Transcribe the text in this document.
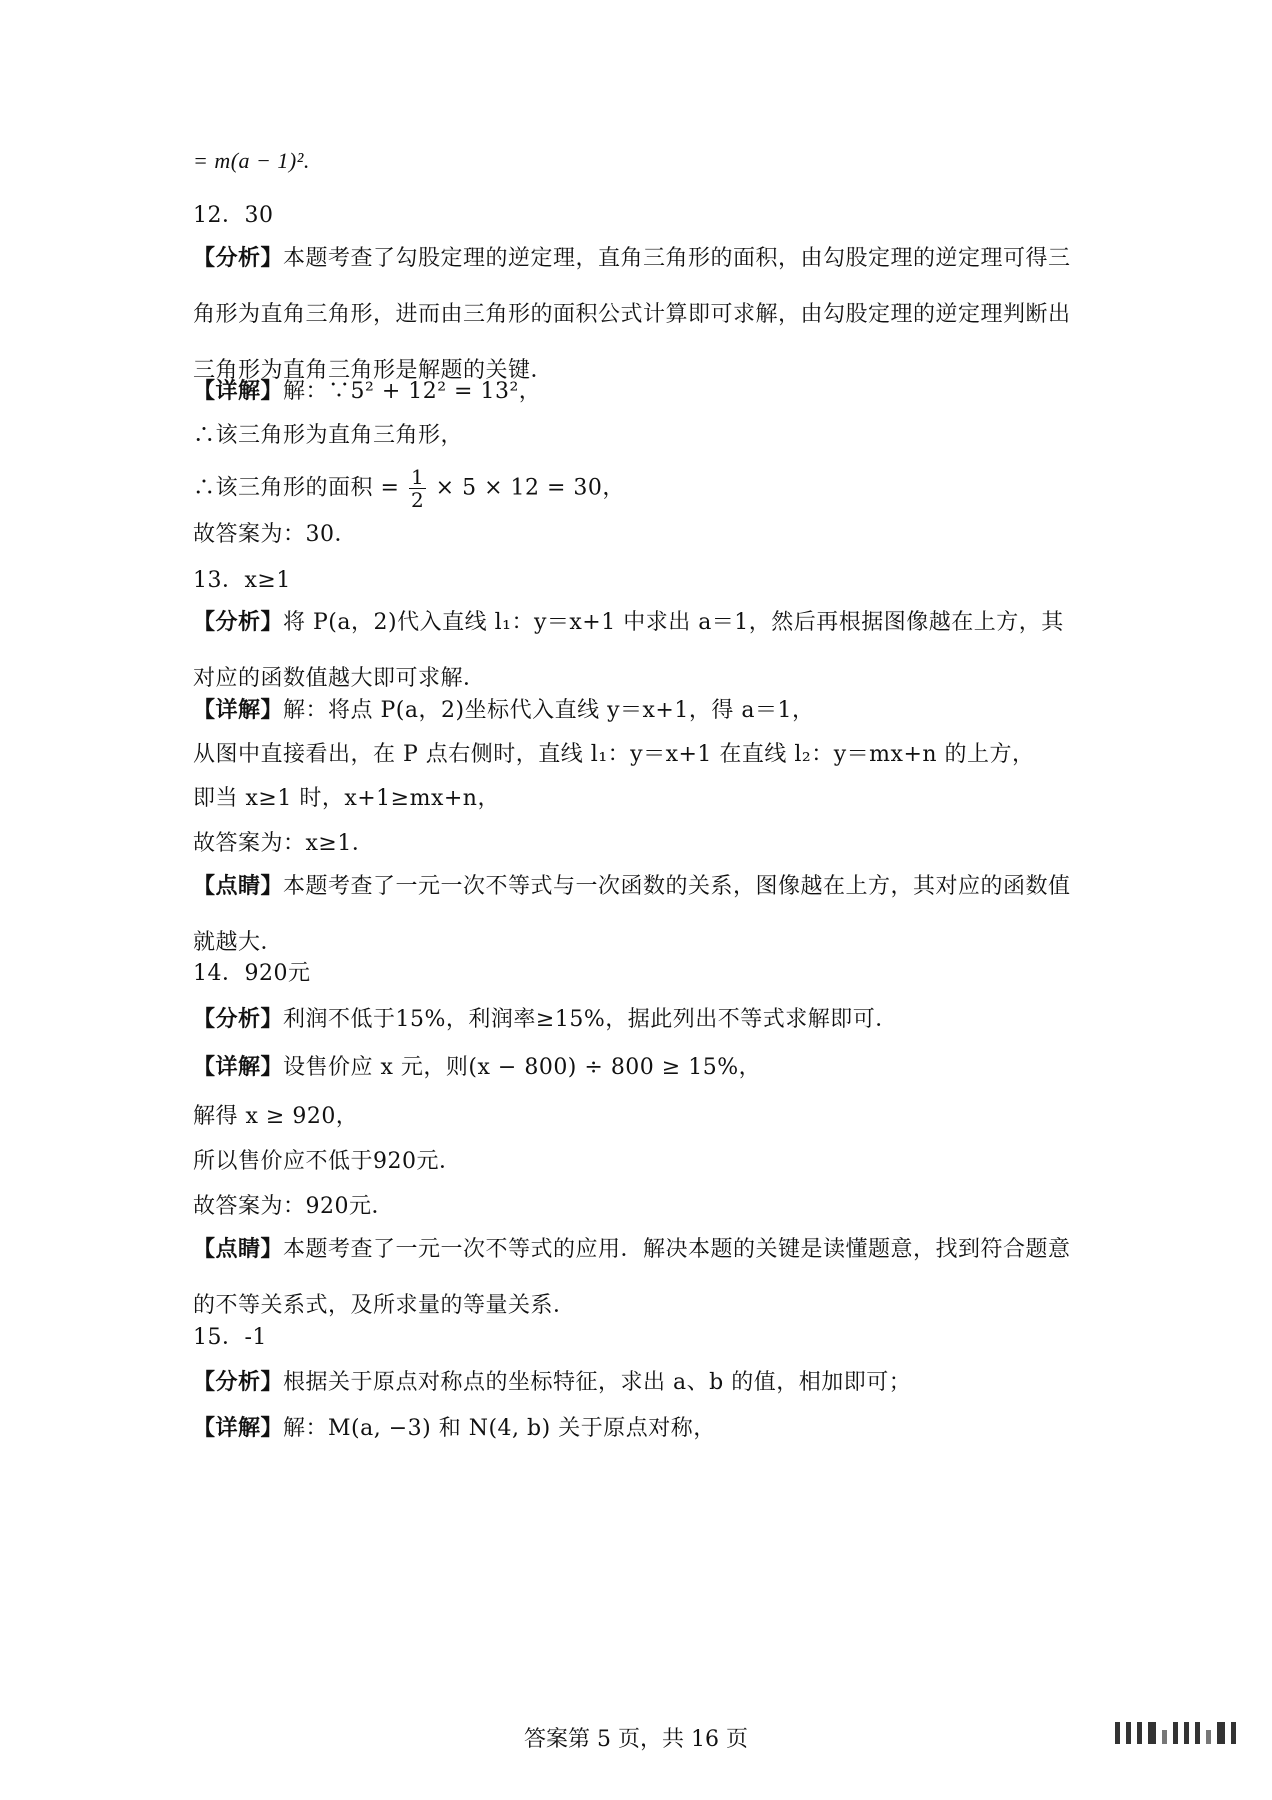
= m(a − 1)².
12．30
【分析】本题考查了勾股定理的逆定理，直角三角形的面积，由勾股定理的逆定理可得三角形为直角三角形，进而由三角形的面积公式计算即可求解，由勾股定理的逆定理判断出三角形为直角三角形是解题的关键．
【详解】解：∵5² + 12² = 13²，
∴该三角形为直角三角形，
∴该三角形的面积 = $\frac{1}{2} \times 5 \times 12 = 30$，
故答案为：30．
13．x≥1
【分析】将 P(a，2)代入直线 l₁：y＝x+1 中求出 a＝1，然后再根据图像越在上方，其对应的函数值越大即可求解．
【详解】解：将点 P(a，2)坐标代入直线 y＝x+1，得 a＝1，
从图中直接看出，在 P 点右侧时，直线 l₁：y＝x+1 在直线 l₂：y＝mx+n 的上方，
即当 x≥1 时，x+1≥mx+n，
故答案为：x≥1．
【点睛】本题考查了一元一次不等式与一次函数的关系，图像越在上方，其对应的函数值就越大．
14．920元
【分析】利润不低于15%，利润率≥15%，据此列出不等式求解即可．
【详解】设售价应 x 元，则(x − 800) ÷ 800 ≥ 15%，
解得 x ≥ 920，
所以售价应不低于920元．
故答案为：920元．
【点睛】本题考查了一元一次不等式的应用．解决本题的关键是读懂题意，找到符合题意的不等关系式，及所求量的等量关系．
15．-1
【分析】根据关于原点对称点的坐标特征，求出 a、b 的值，相加即可；
【详解】解：M(a, −3) 和 N(4, b) 关于原点对称，
答案第 5 页，共 16 页
